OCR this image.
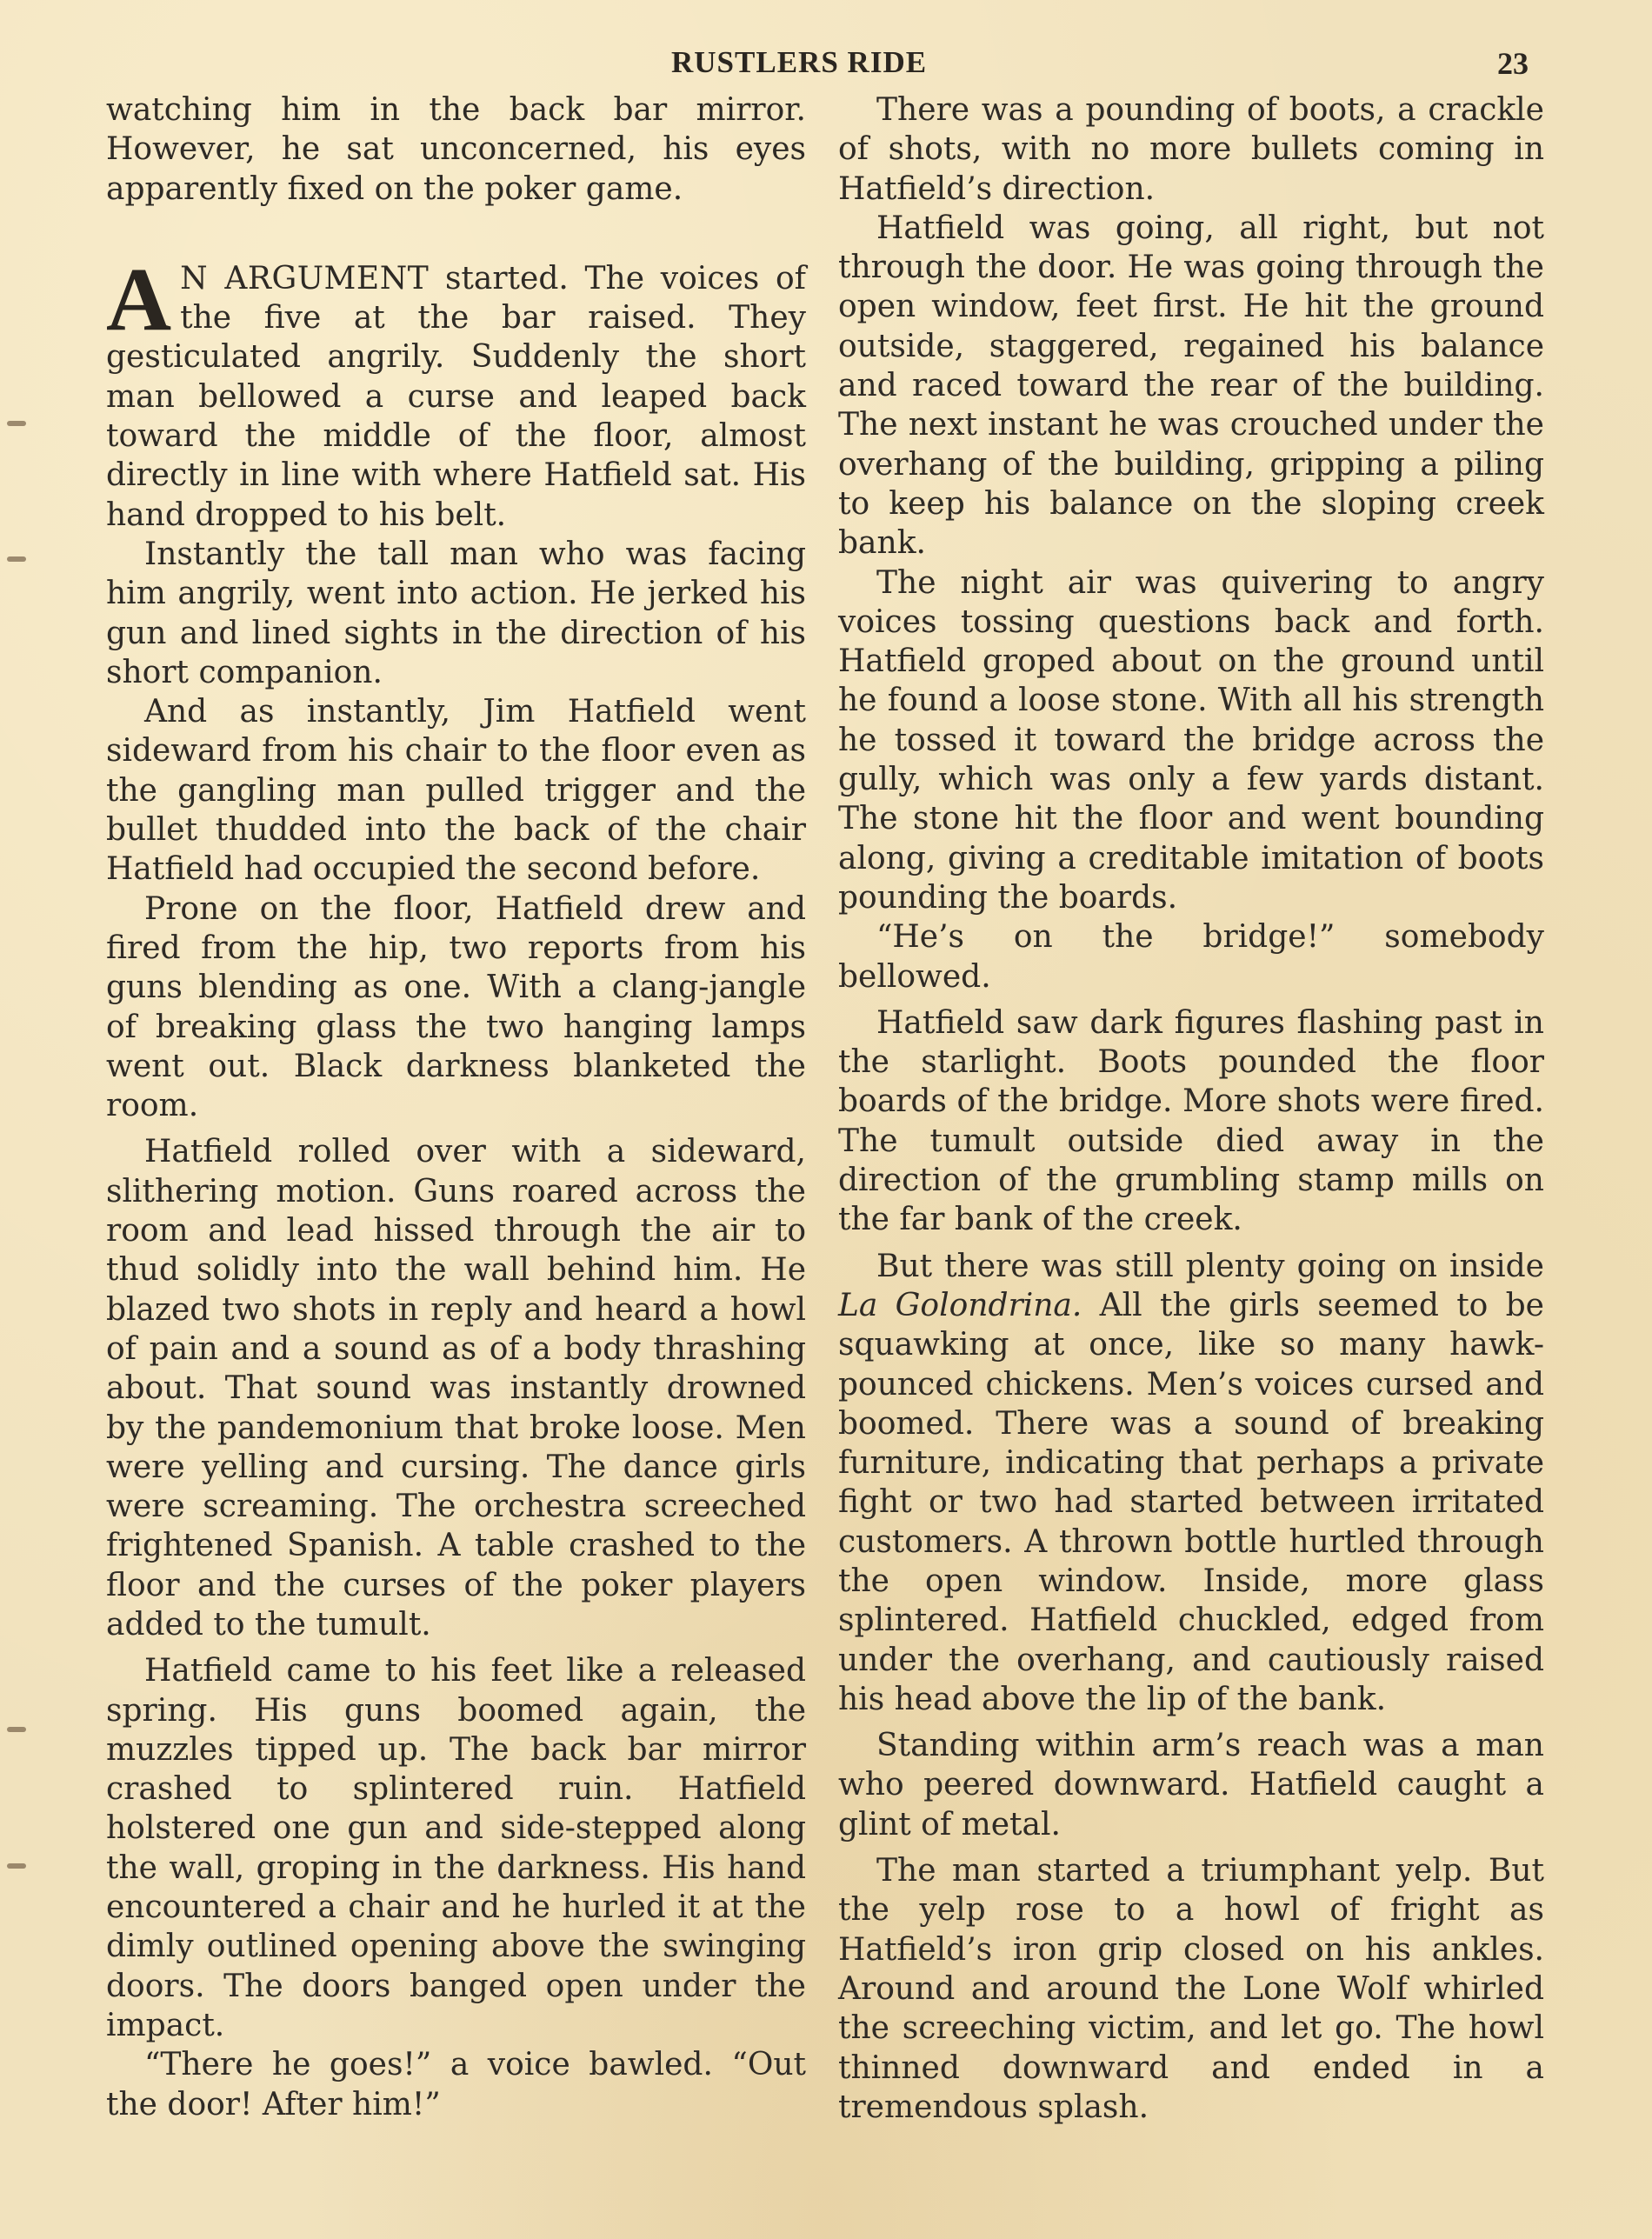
RUSTLERS RIDE	23

watching him in the back bar mirror. However, he sat unconcerned, his eyes apparently fixed on the poker game.

A N ARGUMENT started. The voices of the five at the bar raised. They gesticulated angrily. Suddenly the short man bellowed a curse and leaped back toward the middle of the floor, almost directly in line with where Hatfield sat. His hand dropped to his belt.

Instantly the tall man who was facing him angrily, went into action. He jerked his gun and lined sights in the direction of his short companion.

And as instantly, Jim Hatfield went sideward from his chair to the floor even as the gangling man pulled trigger and the bullet thudded into the back of the chair Hatfield had occupied the second before.

Prone on the floor, Hatfield drew and fired from the hip, two reports from his guns blending as one. With a clang-jangle of breaking glass the two hanging lamps went out. Black darkness blanketed the room.

Hatfield rolled over with a sideward, slithering motion. Guns roared across the room and lead hissed through the air to thud solidly into the wall behind him. He blazed two shots in reply and heard a howl of pain and a sound as of a body thrashing about. That sound was instantly drowned by the pandemonium that broke loose. Men were yelling and cursing. The dance girls were screaming. The orchestra screeched frightened Spanish. A table crashed to the floor and the curses of the poker players added to the tumult.

Hatfield came to his feet like a released spring. His guns boomed again, the muzzles tipped up. The back bar mirror crashed to splintered ruin. Hatfield holstered one gun and side-stepped along the wall, groping in the darkness. His hand encountered a chair and he hurled it at the dimly outlined opening above the swinging doors. The doors banged open under the impact.

“There he goes!” a voice bawled. “Out the door! After him!”

There was a pounding of boots, a crackle of shots, with no more bullets coming in Hatfield’s direction.

Hatfield was going, all right, but not through the door. He was going through the open window, feet first. He hit the ground outside, staggered, regained his balance and raced toward the rear of the building. The next instant he was crouched under the overhang of the building, gripping a piling to keep his balance on the sloping creek bank.

The night air was quivering to angry voices tossing questions back and forth. Hatfield groped about on the ground until he found a loose stone. With all his strength he tossed it toward the bridge across the gully, which was only a few yards distant. The stone hit the floor and went bounding along, giving a creditable imitation of boots pounding the boards.

“He’s on the bridge!” somebody bellowed.

Hatfield saw dark figures flashing past in the starlight. Boots pounded the floor boards of the bridge. More shots were fired. The tumult outside died away in the direction of the grumbling stamp mills on the far bank of the creek.

But there was still plenty going on inside La Golondrina. All the girls seemed to be squawking at once, like so many hawk-pounced chickens. Men’s voices cursed and boomed. There was a sound of breaking furniture, indicating that perhaps a private fight or two had started between irritated customers. A thrown bottle hurtled through the open window. Inside, more glass splintered. Hatfield chuckled, edged from under the overhang, and cautiously raised his head above the lip of the bank.

Standing within arm’s reach was a man who peered downward. Hatfield caught a glint of metal.

The man started a triumphant yelp. But the yelp rose to a howl of fright as Hatfield’s iron grip closed on his ankles. Around and around the Lone Wolf whirled the screeching victim, and let go. The howl thinned downward and ended in a tremendous splash.
